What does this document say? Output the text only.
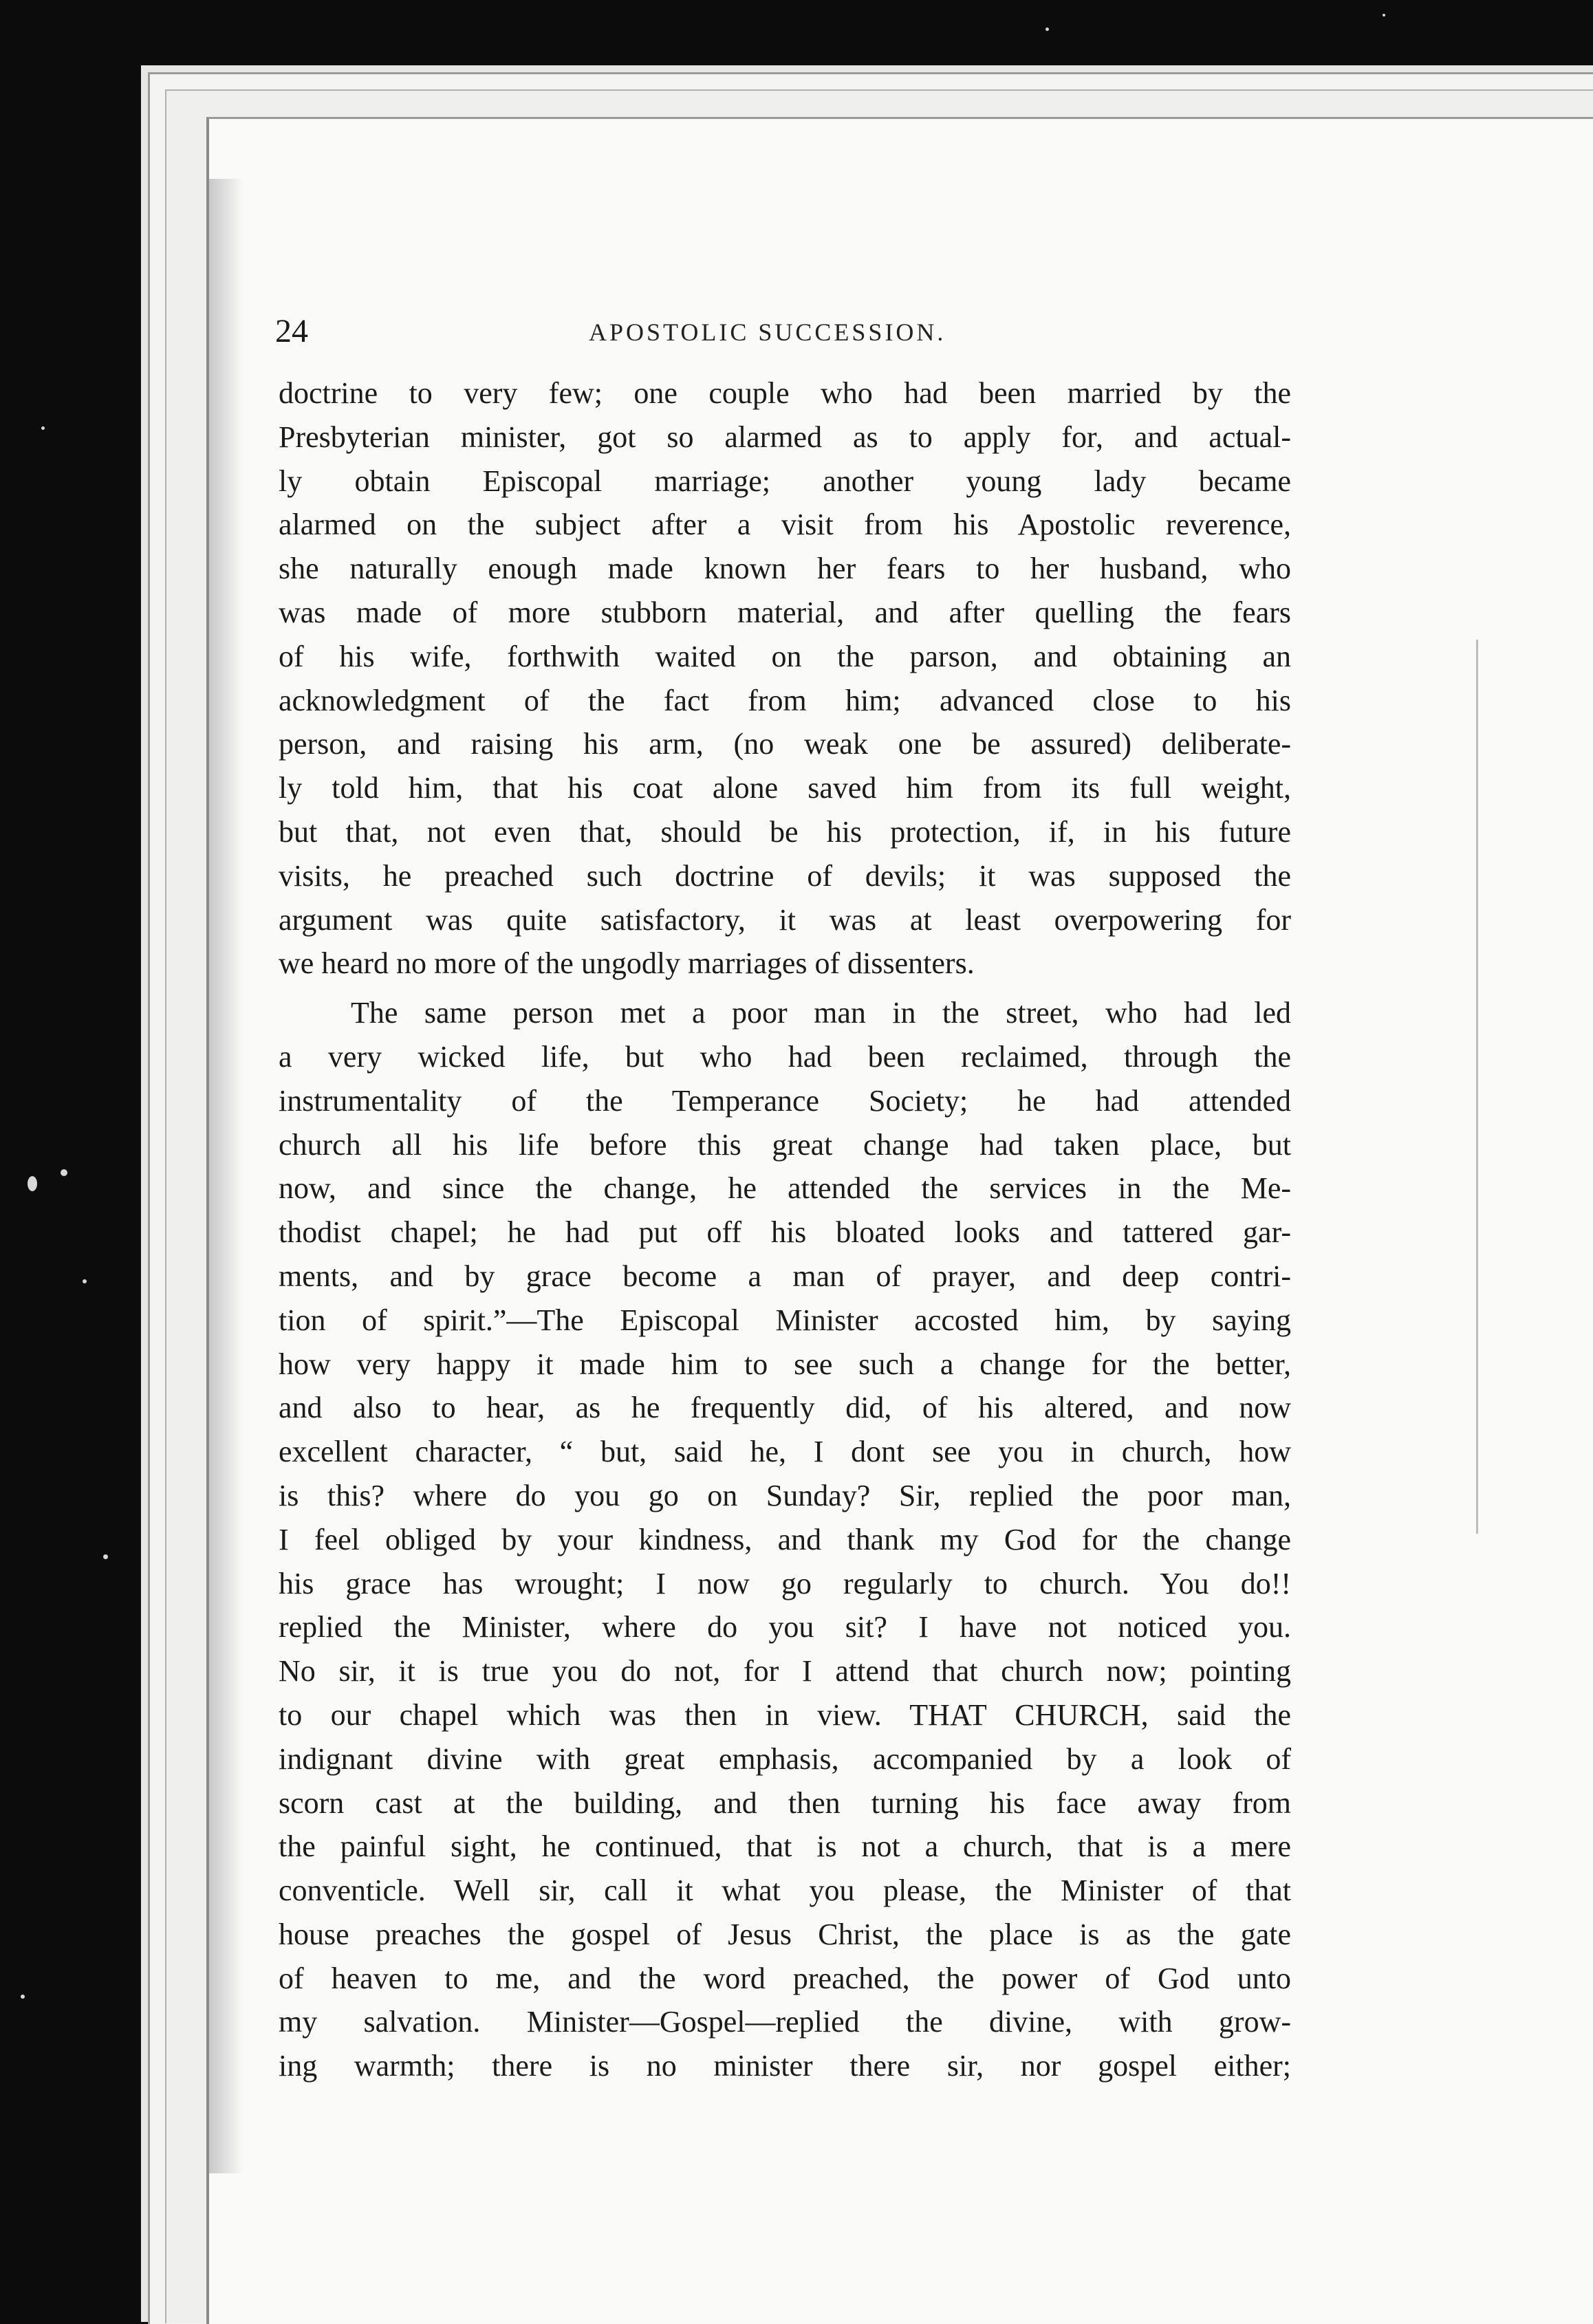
24	APOSTOLIC SUCCESSION.
doctrine to very few; one couple who had been married by the
Presbyterian minister, got so alarmed as to apply for, and actual-
ly obtain Episcopal marriage; another young lady became
alarmed on the subject after a visit from his Apostolic reverence,
she naturally enough made known her fears to her husband, who
was made of more stubborn material, and after quelling the fears
of his wife, forthwith waited on the parson, and obtaining an
acknowledgment of the fact from him; advanced close to his
person, and raising his arm, (no weak one be assured) deliberate-
ly told him, that his coat alone saved him from its full weight,
but that, not even that, should be his protection, if, in his future
visits, he preached such doctrine of devils; it was supposed the
argument was quite satisfactory, it was at least overpowering for
we heard no more of the ungodly marriages of dissenters.
The same person met a poor man in the street, who had led
a very wicked life, but who had been reclaimed, through the
instrumentality of the Temperance Society; he had attended
church all his life before this great change had taken place, but
now, and since the change, he attended the services in the Me-
thodist chapel; he had put off his bloated looks and tattered gar-
ments, and by grace become a man of prayer, and deep contri-
tion of spirit.”—The Episcopal Minister accosted him, by saying
how very happy it made him to see such a change for the better,
and also to hear, as he frequently did, of his altered, and now
excellent character, “ but, said he, I dont see you in church, how
is this? where do you go on Sunday? Sir, replied the poor man,
I feel obliged by your kindness, and thank my God for the change
his grace has wrought; I now go regularly to church. You do!!
replied the Minister, where do you sit? I have not noticed you.
No sir, it is true you do not, for I attend that church now; pointing
to our chapel which was then in view. THAT CHURCH, said the
indignant divine with great emphasis, accompanied by a look of
scorn cast at the building, and then turning his face away from
the painful sight, he continued, that is not a church, that is a mere
conventicle. Well sir, call it what you please, the Minister of that
house preaches the gospel of Jesus Christ, the place is as the gate
of heaven to me, and the word preached, the power of God unto
my salvation. Minister—Gospel—replied the divine, with grow-
ing warmth; there is no minister there sir, nor gospel either;
